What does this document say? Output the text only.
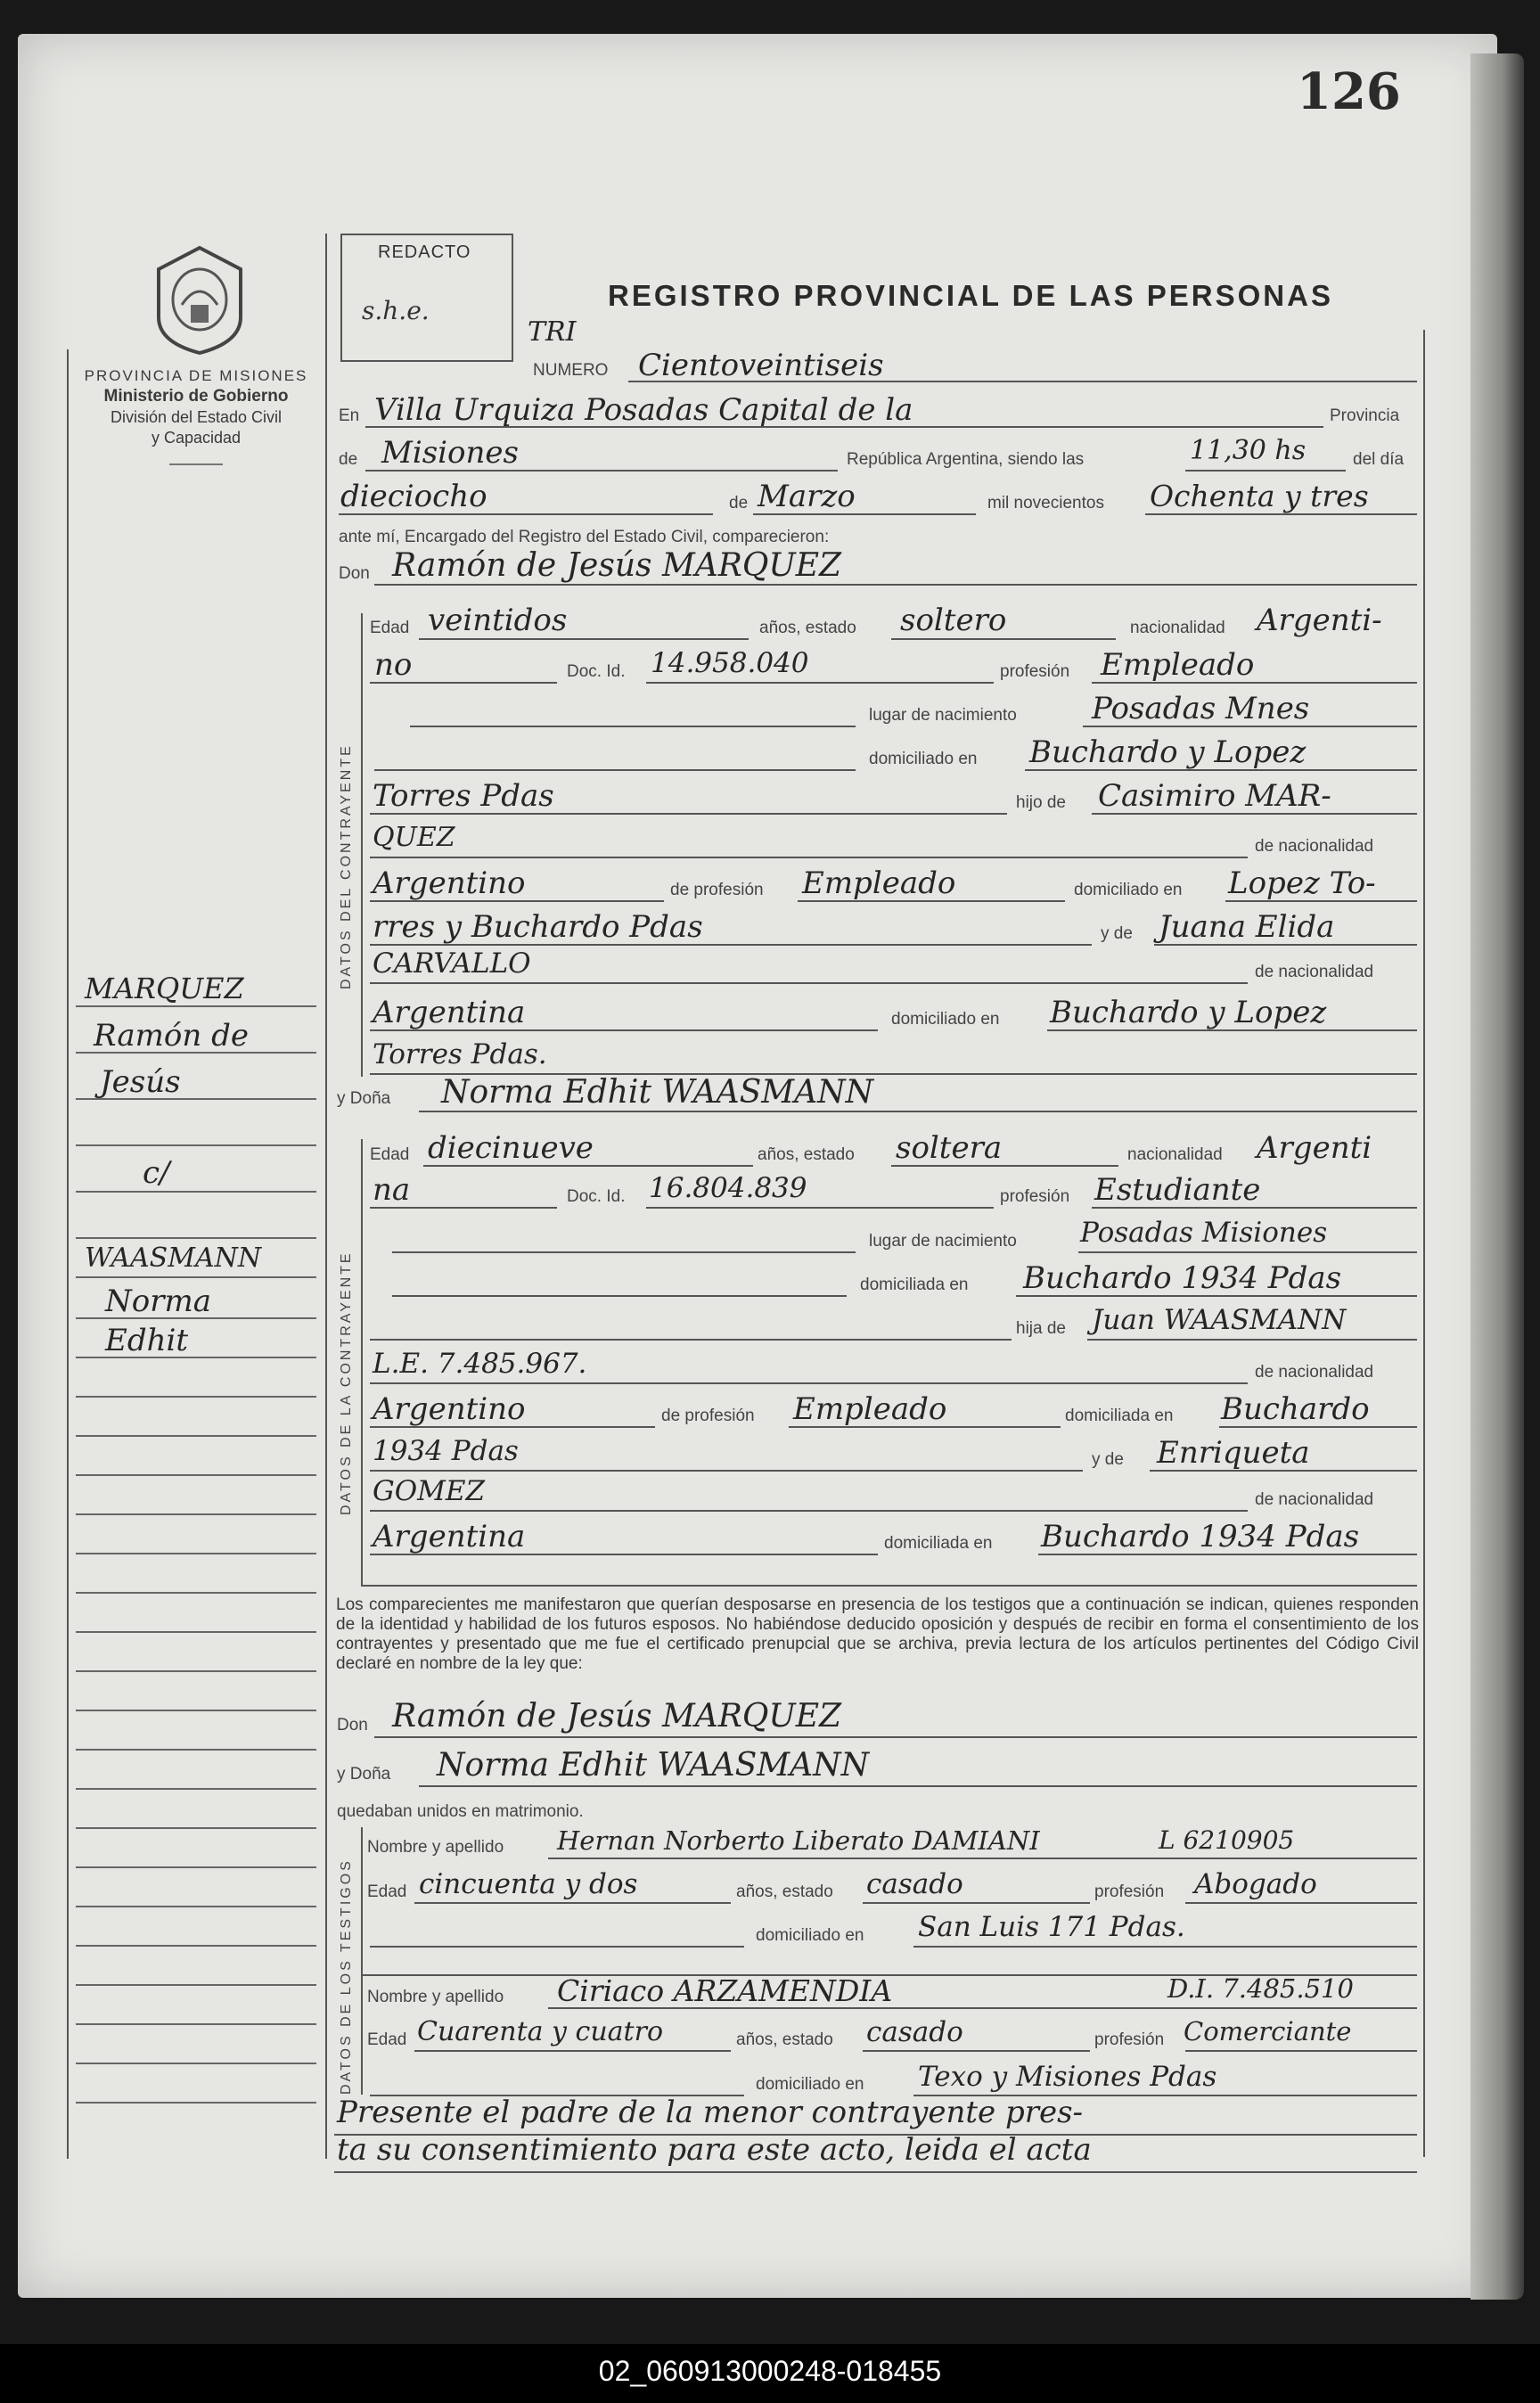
126
PROVINCIA DE MISIONES
Ministerio de Gobierno
División del Estado Civil
y Capacidad
REDACTO
s.h.e.	REGISTRO PROVINCIAL DE LAS PERSONAS
DATOS DEL CONTRAYENTE
DATOS DE LA CONTRAYENTE
DATOS DE LOS TESTIGOS
TRI
NUMERO Cientoveintiseis
En Villa Urquiza Posadas Capital de la	Provincia
de Misiones	República Argentina, siendo las	11,30 hs	del día
dieciocho	de Marzo	mil novecientos Ochenta y tres
ante mí, Encargado del Registro del Estado Civil, comparecieron:
Don Ramón de Jesús MARQUEZ
Edad veintidos	años, estado soltero	nacionalidad Argenti-
no	Doc. Id. 14.958.040	profesión Empleado
lugar de nacimiento Posadas Mnes
domiciliado en Buchardo y Lopez
Torres Pdas	hijo de Casimiro MAR-
QUEZ	de nacionalidad
Argentino	de profesión Empleado	domiciliado en Lopez To-
rres y Buchardo Pdas	y de Juana Elida
CARVALLO	de nacionalidad
Argentina	domiciliado en Buchardo y Lopez
Torres Pdas.
y Doña Norma Edhit WAASMANN
Edad diecinueve	años, estado soltera	nacionalidad Argenti
na	Doc. Id. 16.804.839	profesión Estudiante
lugar de nacimiento Posadas Misiones
domiciliada en Buchardo 1934 Pdas
hija de Juan WAASMANN
L.E. 7.485.967.	de nacionalidad
Argentino	de profesión Empleado	domiciliada en Buchardo
1934 Pdas	y de Enriqueta
GOMEZ	de nacionalidad
Argentina	domiciliada en Buchardo 1934 Pdas
Los comparecientes me manifestaron que querían desposarse en presencia de los testigos que a continuación se indican, quienes responden de la identidad y habilidad de los futuros esposos. No habiéndose deducido oposición y después de recibir en forma el consentimiento de los contrayentes y presentado que me fue el certificado prenupcial que se archiva, previa lectura de los artículos pertinentes del Código Civil declaré en nombre de la ley que:
Don Ramón de Jesús MARQUEZ
y Doña Norma Edhit WAASMANN
quedaban unidos en matrimonio.
Nombre y apellido Hernan Norberto Liberato DAMIANI	L 6210905
Edad cincuenta y dos	años, estado casado	profesión Abogado
domiciliado en San Luis 171 Pdas.
Nombre y apellido Ciriaco ARZAMENDIA	D.I. 7.485.510
Edad Cuarenta y cuatro	años, estado casado	profesión Comerciante
domiciliado en Texo y Misiones Pdas
Presente el padre de la menor contrayente pres-
ta su consentimiento para este acto, leida el acta
MARQUEZ
Ramón de
Jesús
c/
WAASMANN
Norma
Edhit
02_060913000248-018455
